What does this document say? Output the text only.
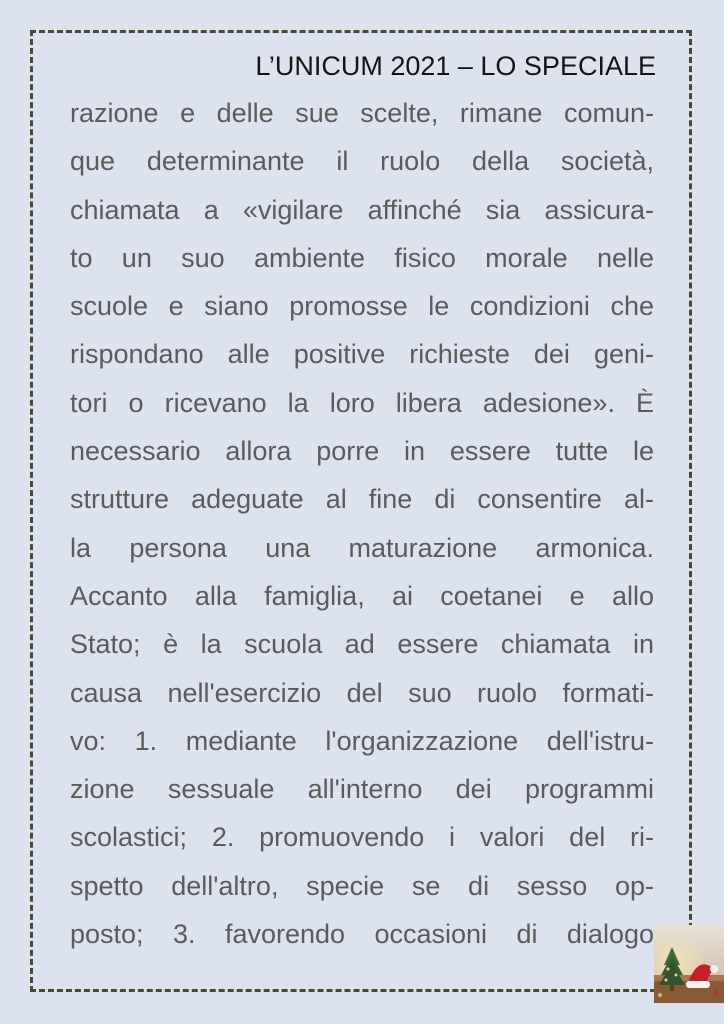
L’UNICUM 2021 – LO SPECIALE
razione e delle sue scelte, rimane comun-
que determinante il ruolo della società,
chiamata a «vigilare affinché sia assicura-
to un suo ambiente fisico morale nelle
scuole e siano promosse le condizioni che
rispondano alle positive richieste dei geni-
tori o ricevano la loro libera adesione». È
necessario allora porre in essere tutte le
strutture adeguate al fine di consentire al-
la persona una maturazione armonica.
Accanto alla famiglia, ai coetanei e allo
Stato; è la scuola ad essere chiamata in
causa nell'esercizio del suo ruolo formati-
vo: 1. mediante l'organizzazione dell'istru-
zione sessuale all'interno dei programmi
scolastici; 2. promuovendo i valori del ri-
spetto dell'altro, specie se di sesso op-
posto; 3. favorendo occasioni di dialogo
